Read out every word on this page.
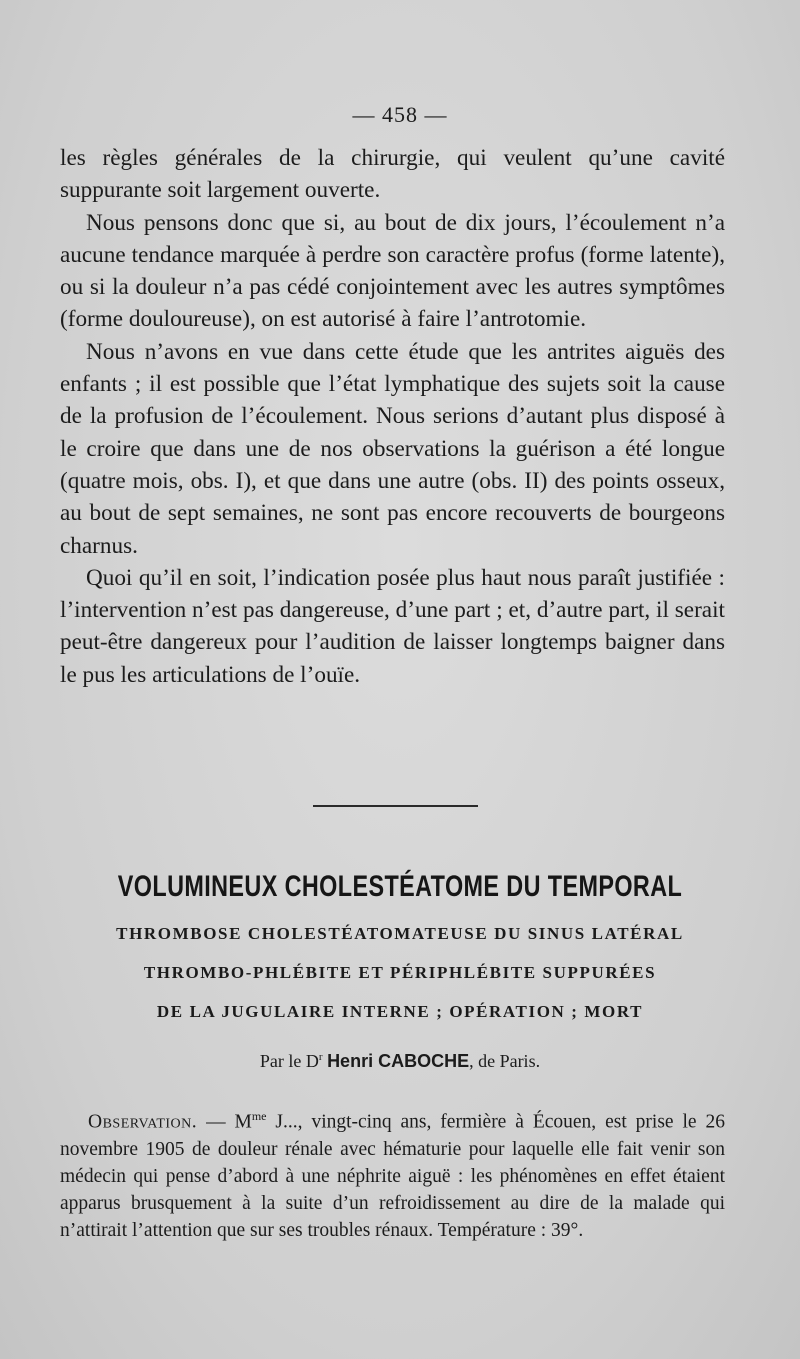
— 458 —

les règles générales de la chirurgie, qui veulent qu’une cavité suppurante soit largement ouverte.

Nous pensons donc que si, au bout de dix jours, l’écoulement n’a aucune tendance marquée à perdre son caractère profus (forme latente), ou si la douleur n’a pas cédé conjointement avec les autres symptômes (forme douloureuse), on est autorisé à faire l’antrotomie.

Nous n’avons en vue dans cette étude que les antrites aiguës des enfants ; il est possible que l’état lymphatique des sujets soit la cause de la profusion de l’écoulement. Nous serions d’autant plus disposé à le croire que dans une de nos observations la guérison a été longue (quatre mois, obs. I), et que dans une autre (obs. II) des points osseux, au bout de sept semaines, ne sont pas encore recouverts de bourgeons charnus.

Quoi qu’il en soit, l’indication posée plus haut nous paraît justifiée : l’intervention n’est pas dangereuse, d’une part ; et, d’autre part, il serait peut-être dangereux pour l’audition de laisser longtemps baigner dans le pus les articulations de l’ouïe.

VOLUMINEUX CHOLESTÉATOME DU TEMPORAL
THROMBOSE CHOLESTÉATOMATEUSE DU SINUS LATÉRAL
THROMBO-PHLÉBITE ET PÉRIPHLÉBITE SUPPURÉES
DE LA JUGULAIRE INTERNE ; OPÉRATION ; MORT
Par le $D^r$ Henri CABOCHE, de Paris.
Observation. — $M^{me}$ J..., vingt-cinq ans, fermière à Écouen, est prise le 26 novembre 1905 de douleur rénale avec hématurie pour laquelle elle fait venir son médecin qui pense d’abord à une néphrite aiguë : les phénomènes en effet étaient apparus brusquement à la suite d’un refroidissement au dire de la malade qui n’attirait l’attention que sur ses troubles rénaux. Température : 39°.
